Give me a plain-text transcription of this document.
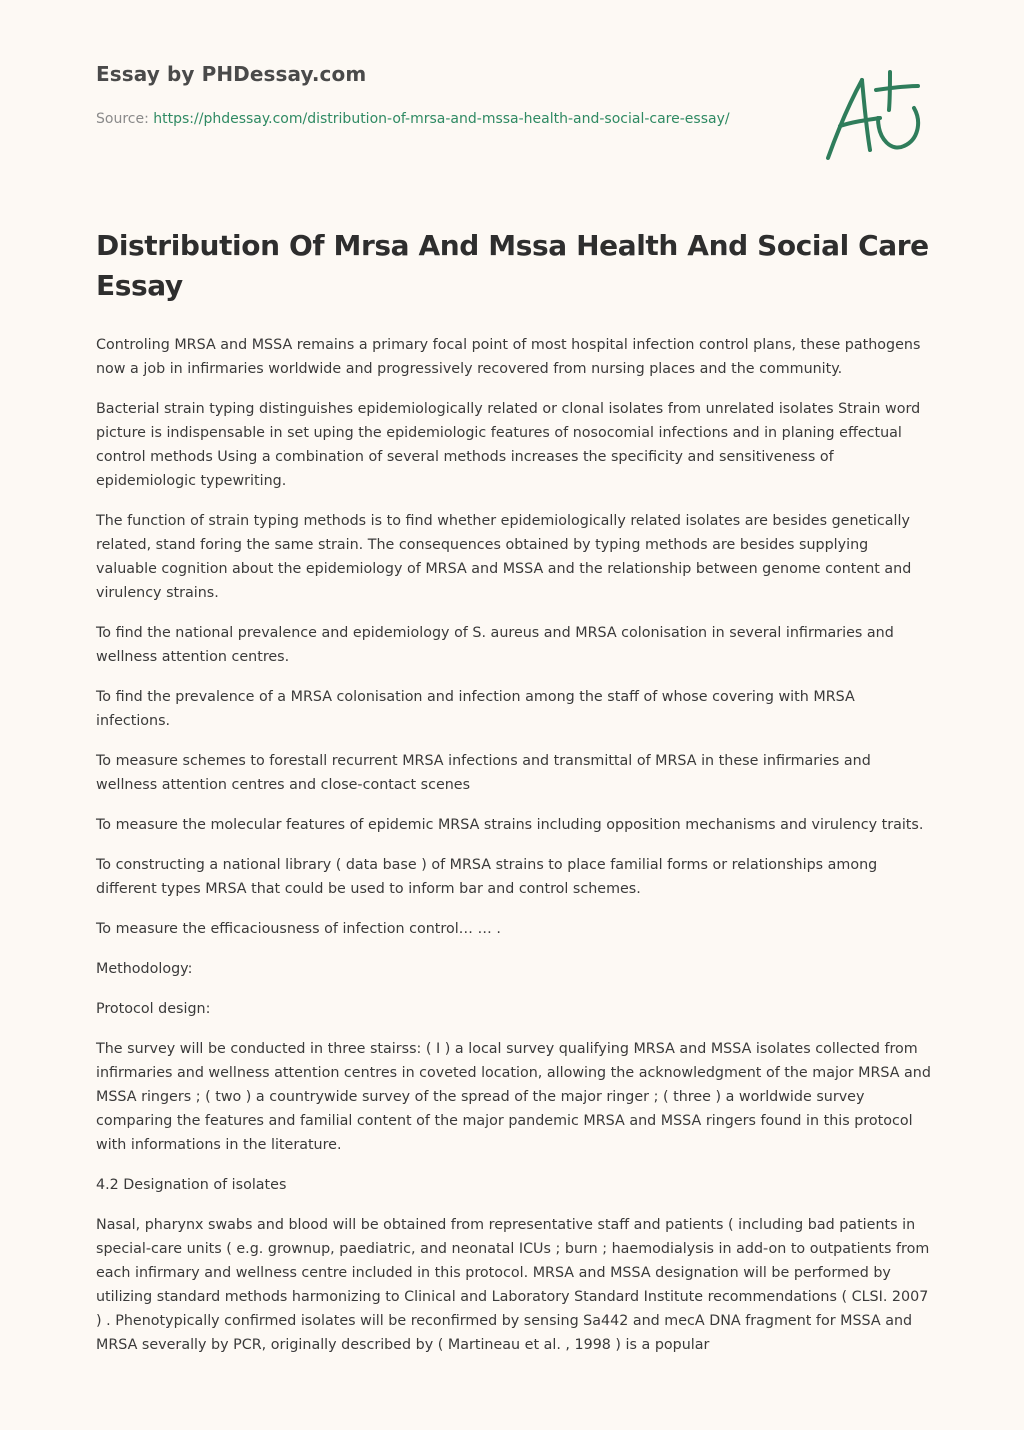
Essay by PHDessay.com

Source: https://phdessay.com/distribution-of-mrsa-and-mssa-health-and-social-care-essay/

Distribution Of Mrsa And Mssa Health And Social Care Essay

Controling MRSA and MSSA remains a primary focal point of most hospital infection control plans, these pathogens now a job in infirmaries worldwide and progressively recovered from nursing places and the community.

Bacterial strain typing distinguishes epidemiologically related or clonal isolates from unrelated isolates Strain word picture is indispensable in set uping the epidemiologic features of nosocomial infections and in planing effectual control methods Using a combination of several methods increases the specificity and sensitiveness of epidemiologic typewriting.

The function of strain typing methods is to find whether epidemiologically related isolates are besides genetically related, stand foring the same strain. The consequences obtained by typing methods are besides supplying valuable cognition about the epidemiology of MRSA and MSSA and the relationship between genome content and virulency strains.

To find the national prevalence and epidemiology of S. aureus and MRSA colonisation in several infirmaries and wellness attention centres.

To find the prevalence of a MRSA colonisation and infection among the staff of whose covering with MRSA infections.

To measure schemes to forestall recurrent MRSA infections and transmittal of MRSA in these infirmaries and wellness attention centres and close-contact scenes

To measure the molecular features of epidemic MRSA strains including opposition mechanisms and virulency traits.

To constructing a national library ( data base ) of MRSA strains to place familial forms or relationships among different types MRSA that could be used to inform bar and control schemes.

To measure the efficaciousness of infection control… … .

Methodology:

Protocol design:

The survey will be conducted in three stairss: ( I ) a local survey qualifying MRSA and MSSA isolates collected from infirmaries and wellness attention centres in coveted location, allowing the acknowledgment of the major MRSA and MSSA ringers ; ( two ) a countrywide survey of the spread of the major ringer ; ( three ) a worldwide survey comparing the features and familial content of the major pandemic MRSA and MSSA ringers found in this protocol with informations in the literature.

4.2 Designation of isolates

Nasal, pharynx swabs and blood will be obtained from representative staff and patients ( including bad patients in special-care units ( e.g. grownup, paediatric, and neonatal ICUs ; burn ; haemodialysis in add-on to outpatients from each infirmary and wellness centre included in this protocol. MRSA and MSSA designation will be performed by utilizing standard methods harmonizing to Clinical and Laboratory Standard Institute recommendations ( CLSI. 2007 ) . Phenotypically confirmed isolates will be reconfirmed by sensing Sa442 and mecA DNA fragment for MSSA and MRSA severally by PCR, originally described by ( Martineau et al. , 1998 ) is a popular
